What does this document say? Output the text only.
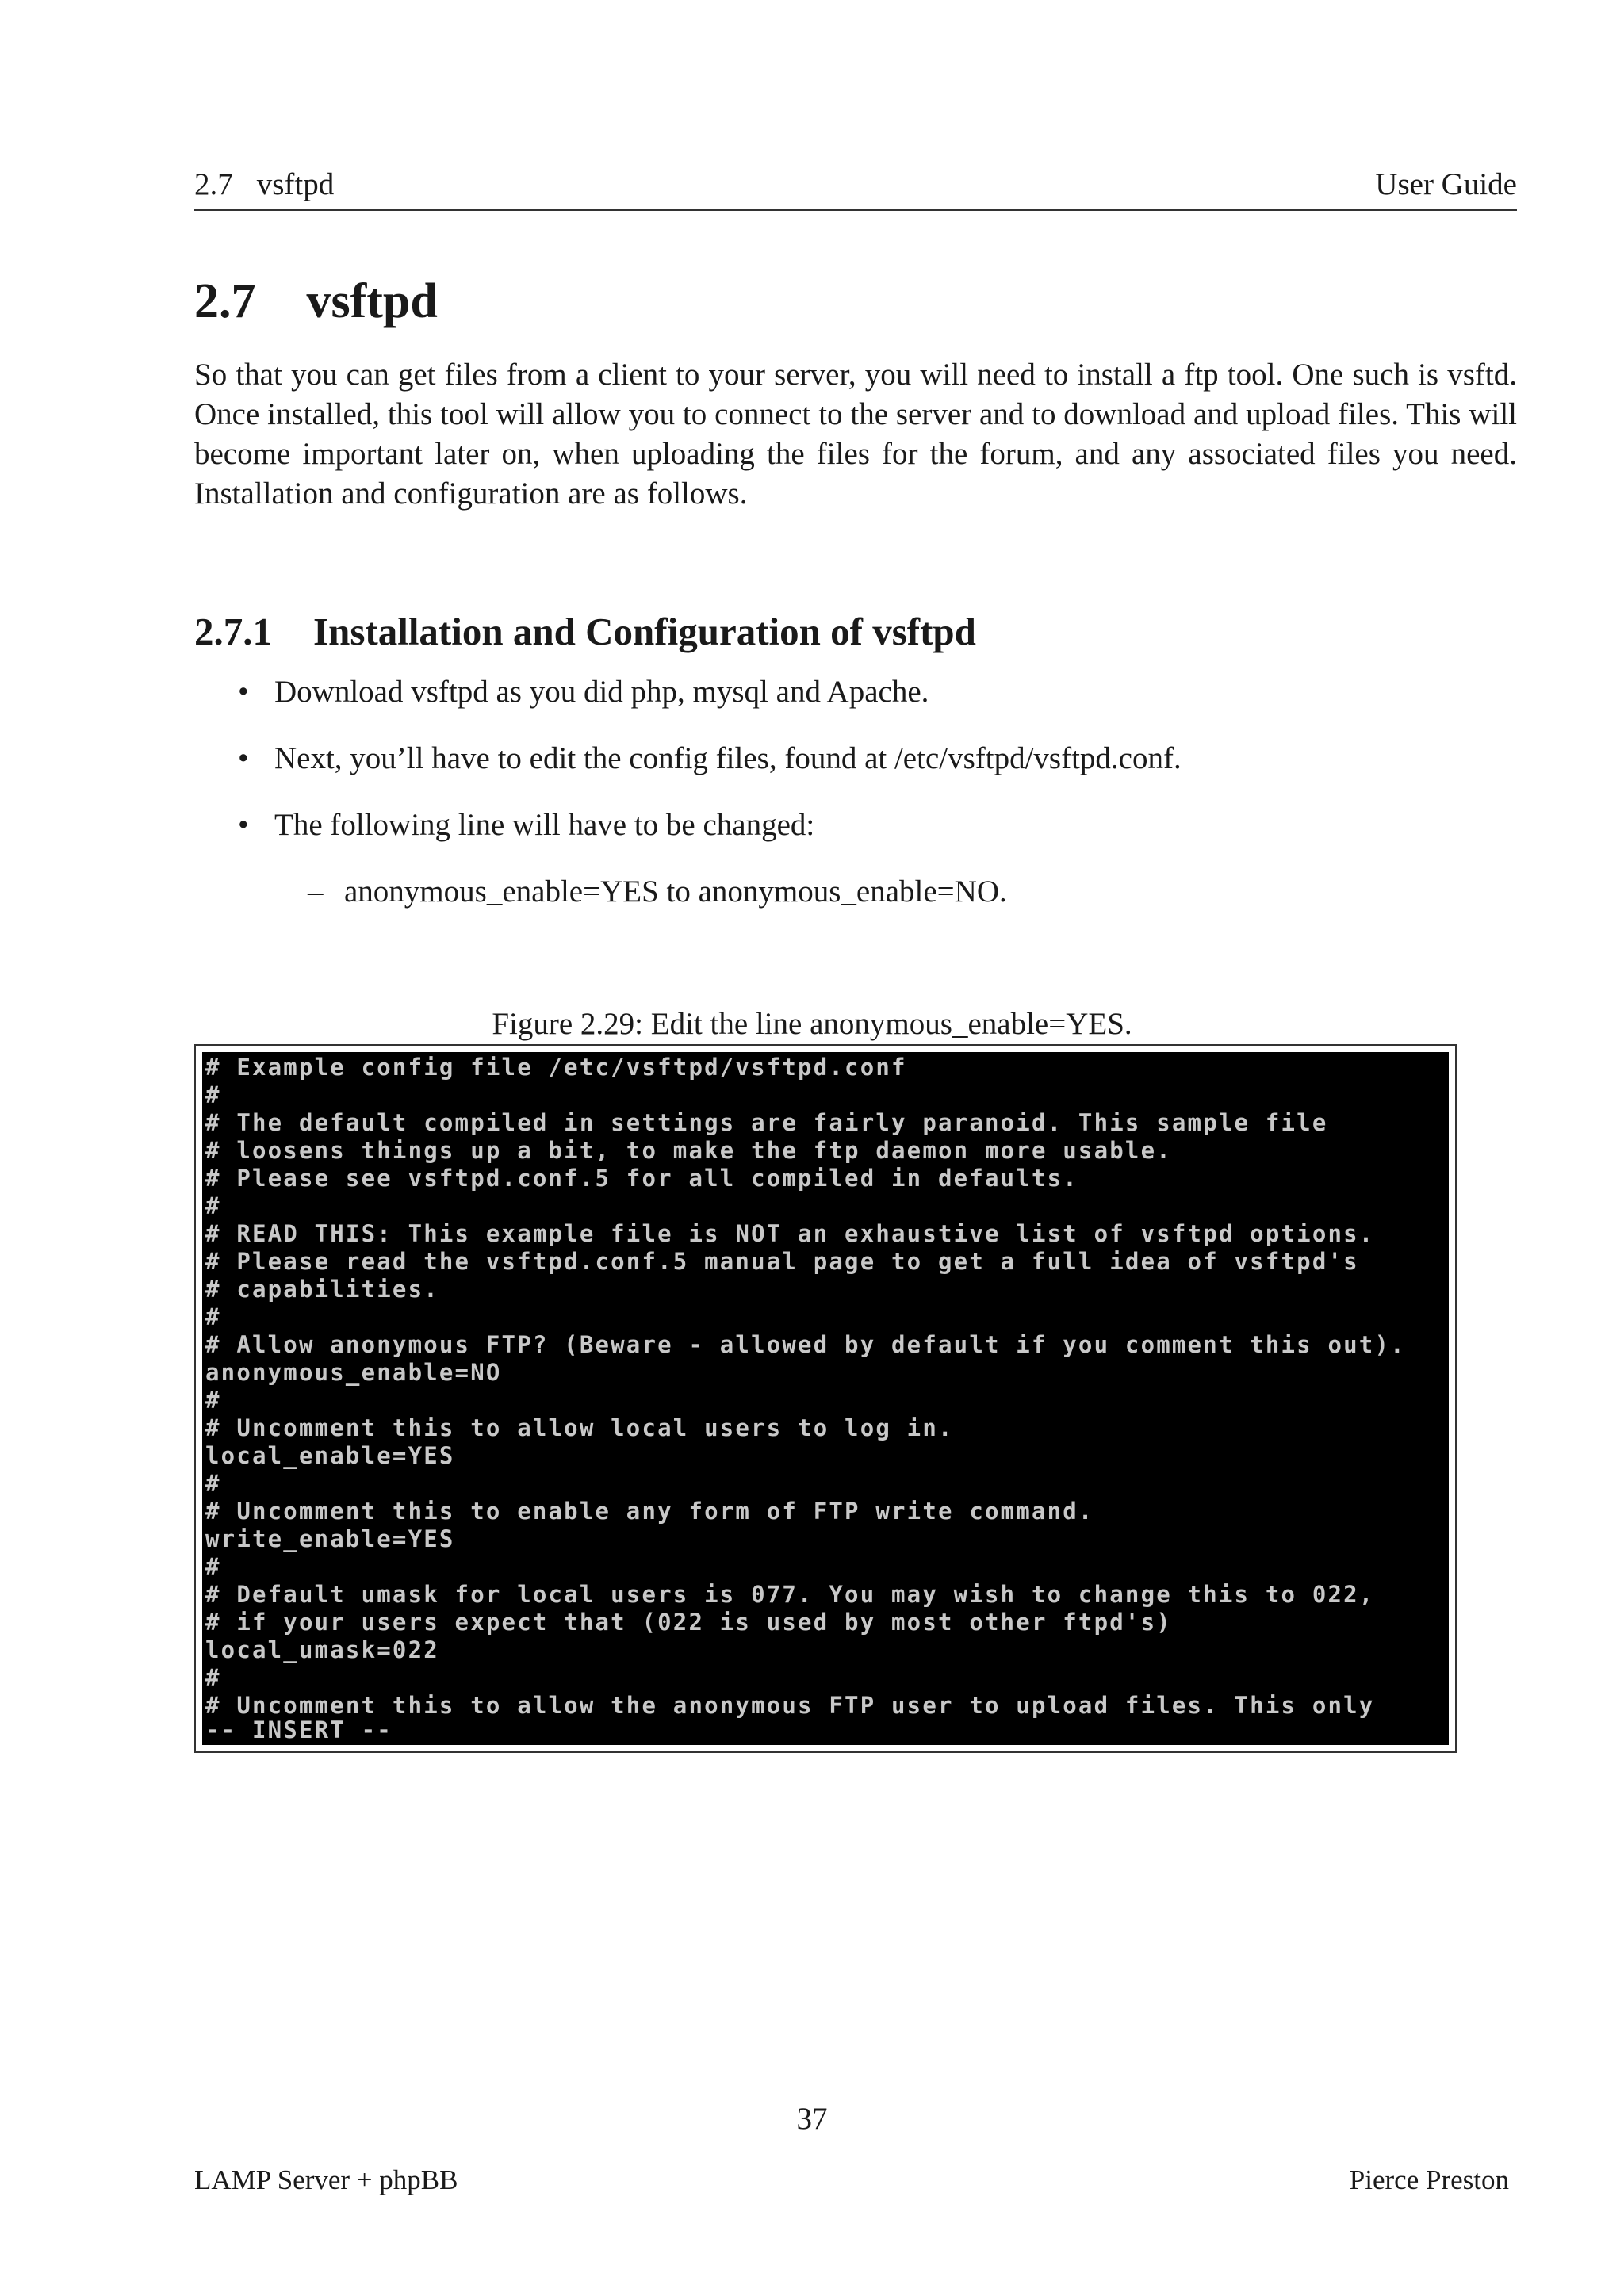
2.7 vsftpd	User Guide
2.7 vsftpd

So that you can get files from a client to your server, you will need to install a ftp tool. One such is vsftd. Once installed, this tool will allow you to connect to the server and to download and upload files. This will become important later on, when uploading the files for the forum, and any associated files you need. Installation and configuration are as follows.

2.7.1 Installation and Configuration of vsftpd
• Download vsftpd as you did php, mysql and Apache.
• Next, you’ll have to edit the config files, found at /etc/vsftpd/vsftpd.conf.
• The following line will have to be changed:
– anonymous_enable=YES to anonymous_enable=NO.
Figure 2.29: Edit the line anonymous_enable=YES.
# Example config file /etc/vsftpd/vsftpd.conf
#
# The default compiled in settings are fairly paranoid. This sample file
# loosens things up a bit, to make the ftp daemon more usable.
# Please see vsftpd.conf.5 for all compiled in defaults.
#
# READ THIS: This example file is NOT an exhaustive list of vsftpd options.
# Please read the vsftpd.conf.5 manual page to get a full idea of vsftpd's
# capabilities.
#
# Allow anonymous FTP? (Beware - allowed by default if you comment this out).
anonymous_enable=NO
#
# Uncomment this to allow local users to log in.
local_enable=YES
#
# Uncomment this to enable any form of FTP write command.
write_enable=YES
#
# Default umask for local users is 077. You may wish to change this to 022,
# if your users expect that (022 is used by most other ftpd's)
local_umask=022
#
# Uncomment this to allow the anonymous FTP user to upload files. This only
-- INSERT --
37
LAMP Server + phpBB	Pierce Preston
